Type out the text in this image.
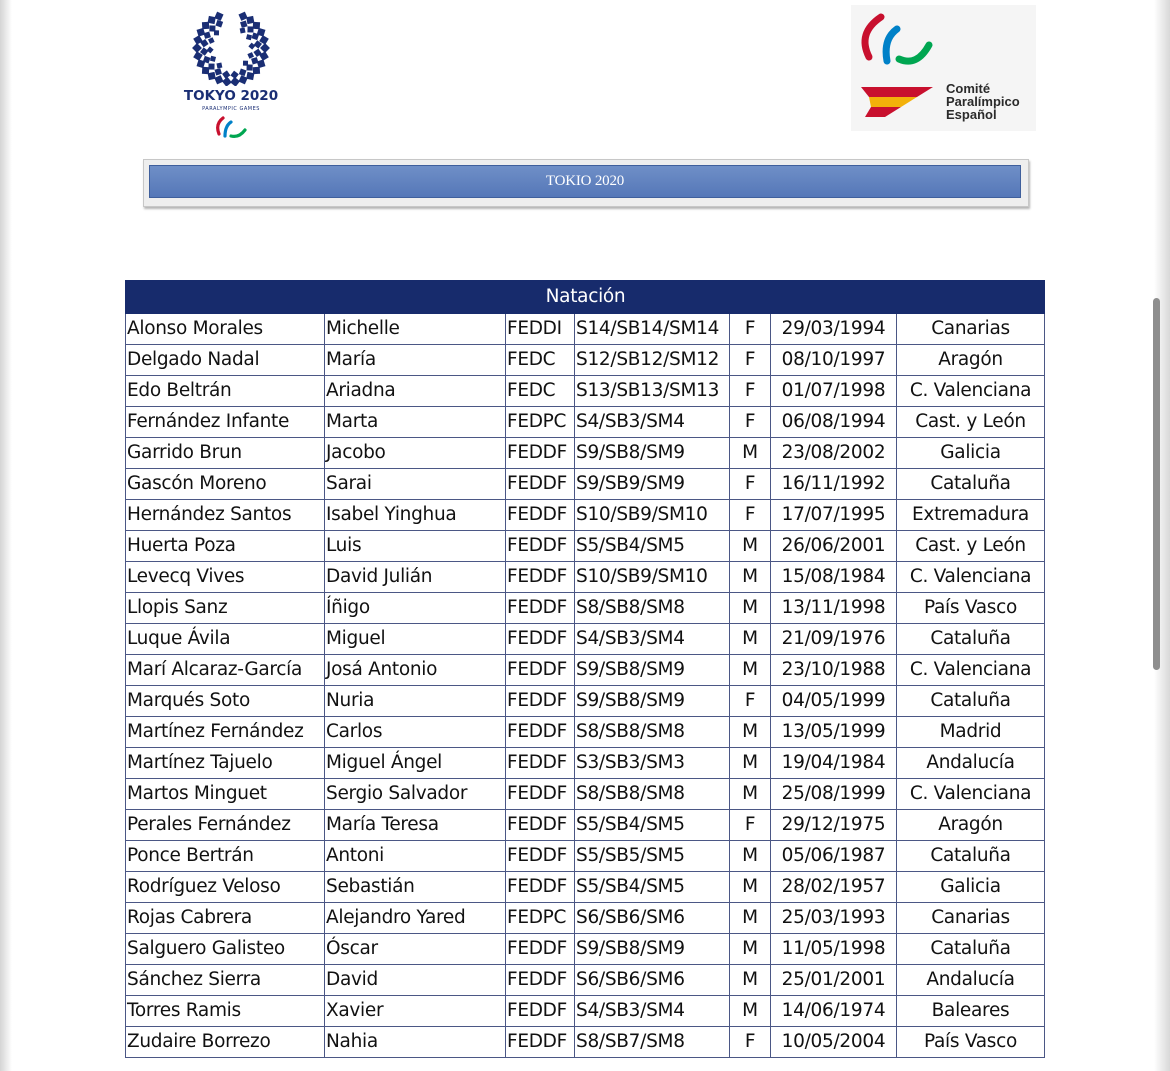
TOKYO 2020
PARALYMPIC GAMES
Comité
Paralímpico
Español
TOKIO 2020
Natación						
Alonso Morales	Michelle	FEDDI	S14/SB14/SM14	F	29/03/1994	Canarias
Delgado Nadal	María	FEDC	S12/SB12/SM12	F	08/10/1997	Aragón
Edo Beltrán	Ariadna	FEDC	S13/SB13/SM13	F	01/07/1998	C. Valenciana
Fernández Infante	Marta	FEDPC	S4/SB3/SM4	F	06/08/1994	Cast. y León
Garrido Brun	Jacobo	FEDDF	S9/SB8/SM9	M	23/08/2002	Galicia
Gascón Moreno	Sarai	FEDDF	S9/SB9/SM9	F	16/11/1992	Cataluña
Hernández Santos	Isabel Yinghua	FEDDF	S10/SB9/SM10	F	17/07/1995	Extremadura
Huerta Poza	Luis	FEDDF	S5/SB4/SM5	M	26/06/2001	Cast. y León
Levecq Vives	David Julián	FEDDF	S10/SB9/SM10	M	15/08/1984	C. Valenciana
Llopis Sanz	Íñigo	FEDDF	S8/SB8/SM8	M	13/11/1998	País Vasco
Luque Ávila	Miguel	FEDDF	S4/SB3/SM4	M	21/09/1976	Cataluña
Marí Alcaraz-García	Josá Antonio	FEDDF	S9/SB8/SM9	M	23/10/1988	C. Valenciana
Marqués Soto	Nuria	FEDDF	S9/SB8/SM9	F	04/05/1999	Cataluña
Martínez Fernández	Carlos	FEDDF	S8/SB8/SM8	M	13/05/1999	Madrid
Martínez Tajuelo	Miguel Ángel	FEDDF	S3/SB3/SM3	M	19/04/1984	Andalucía
Martos Minguet	Sergio Salvador	FEDDF	S8/SB8/SM8	M	25/08/1999	C. Valenciana
Perales Fernández	María Teresa	FEDDF	S5/SB4/SM5	F	29/12/1975	Aragón
Ponce Bertrán	Antoni	FEDDF	S5/SB5/SM5	M	05/06/1987	Cataluña
Rodríguez Veloso	Sebastián	FEDDF	S5/SB4/SM5	M	28/02/1957	Galicia
Rojas Cabrera	Alejandro Yared	FEDPC	S6/SB6/SM6	M	25/03/1993	Canarias
Salguero Galisteo	Óscar	FEDDF	S9/SB8/SM9	M	11/05/1998	Cataluña
Sánchez Sierra	David	FEDDF	S6/SB6/SM6	M	25/01/2001	Andalucía
Torres Ramis	Xavier	FEDDF	S4/SB3/SM4	M	14/06/1974	Baleares
Zudaire Borrezo	Nahia	FEDDF	S8/SB7/SM8	F	10/05/2004	País Vasco
